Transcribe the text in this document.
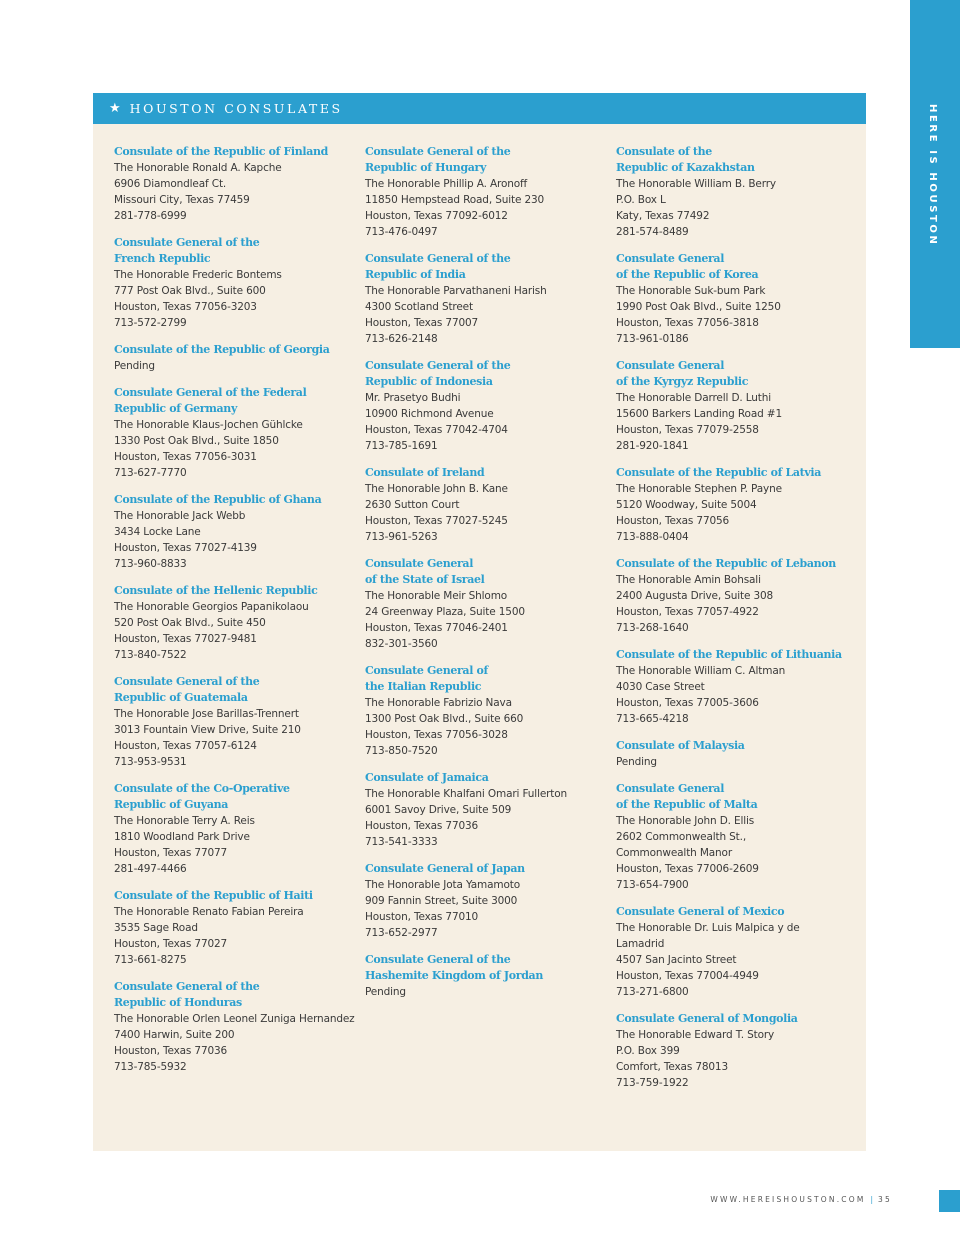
HERE IS HOUSTON
★ HOUSTON CONSULATES
Consulate of the Republic of Finland
The Honorable Ronald A. Kapche
6906 Diamondleaf Ct.
Missouri City, Texas 77459
281-778-6999
Consulate General of the
French Republic
The Honorable Frederic Bontems
777 Post Oak Blvd., Suite 600
Houston, Texas 77056-3203
713-572-2799
Consulate of the Republic of Georgia
Pending
Consulate General of the Federal
Republic of Germany
The Honorable Klaus-Jochen Gühlcke
1330 Post Oak Blvd., Suite 1850
Houston, Texas 77056-3031
713-627-7770
Consulate of the Republic of Ghana
The Honorable Jack Webb
3434 Locke Lane
Houston, Texas 77027-4139
713-960-8833
Consulate of the Hellenic Republic
The Honorable Georgios Papanikolaou
520 Post Oak Blvd., Suite 450
Houston, Texas 77027-9481
713-840-7522
Consulate General of the
Republic of Guatemala
The Honorable Jose Barillas-Trennert
3013 Fountain View Drive, Suite 210
Houston, Texas 77057-6124
713-953-9531
Consulate of the Co-Operative
Republic of Guyana
The Honorable Terry A. Reis
1810 Woodland Park Drive
Houston, Texas 77077
281-497-4466
Consulate of the Republic of Haiti
The Honorable Renato Fabian Pereira
3535 Sage Road
Houston, Texas 77027
713-661-8275
Consulate General of the
Republic of Honduras
The Honorable Orlen Leonel Zuniga Hernandez
7400 Harwin, Suite 200
Houston, Texas 77036
713-785-5932
Consulate General of the
Republic of Hungary
The Honorable Phillip A. Aronoff
11850 Hempstead Road, Suite 230
Houston, Texas 77092-6012
713-476-0497
Consulate General of the
Republic of India
The Honorable Parvathaneni Harish
4300 Scotland Street
Houston, Texas 77007
713-626-2148
Consulate General of the
Republic of Indonesia
Mr. Prasetyo Budhi
10900 Richmond Avenue
Houston, Texas 77042-4704
713-785-1691
Consulate of Ireland
The Honorable John B. Kane
2630 Sutton Court
Houston, Texas 77027-5245
713-961-5263
Consulate General
of the State of Israel
The Honorable Meir Shlomo
24 Greenway Plaza, Suite 1500
Houston, Texas 77046-2401
832-301-3560
Consulate General of
the Italian Republic
The Honorable Fabrizio Nava
1300 Post Oak Blvd., Suite 660
Houston, Texas 77056-3028
713-850-7520
Consulate of Jamaica
The Honorable Khalfani Omari Fullerton
6001 Savoy Drive, Suite 509
Houston, Texas 77036
713-541-3333
Consulate General of Japan
The Honorable Jota Yamamoto
909 Fannin Street, Suite 3000
Houston, Texas 77010
713-652-2977
Consulate General of the
Hashemite Kingdom of Jordan
Pending
Consulate of the
Republic of Kazakhstan
The Honorable William B. Berry
P.O. Box L
Katy, Texas 77492
281-574-8489
Consulate General
of the Republic of Korea
The Honorable Suk-bum Park
1990 Post Oak Blvd., Suite 1250
Houston, Texas 77056-3818
713-961-0186
Consulate General
of the Kyrgyz Republic
The Honorable Darrell D. Luthi
15600 Barkers Landing Road #1
Houston, Texas 77079-2558
281-920-1841
Consulate of the Republic of Latvia
The Honorable Stephen P. Payne
5120 Woodway, Suite 5004
Houston, Texas 77056
713-888-0404
Consulate of the Republic of Lebanon
The Honorable Amin Bohsali
2400 Augusta Drive, Suite 308
Houston, Texas 77057-4922
713-268-1640
Consulate of the Republic of Lithuania
The Honorable William C. Altman
4030 Case Street
Houston, Texas 77005-3606
713-665-4218
Consulate of Malaysia
Pending
Consulate General
of the Republic of Malta
The Honorable John D. Ellis
2602 Commonwealth St.,
Commonwealth Manor
Houston, Texas 77006-2609
713-654-7900
Consulate General of Mexico
The Honorable Dr. Luis Malpica y de
Lamadrid
4507 San Jacinto Street
Houston, Texas 77004-4949
713-271-6800
Consulate General of Mongolia
The Honorable Edward T. Story
P.O. Box 399
Comfort, Texas 78013
713-759-1922
WWW.HEREISHOUSTON.COM | 35
